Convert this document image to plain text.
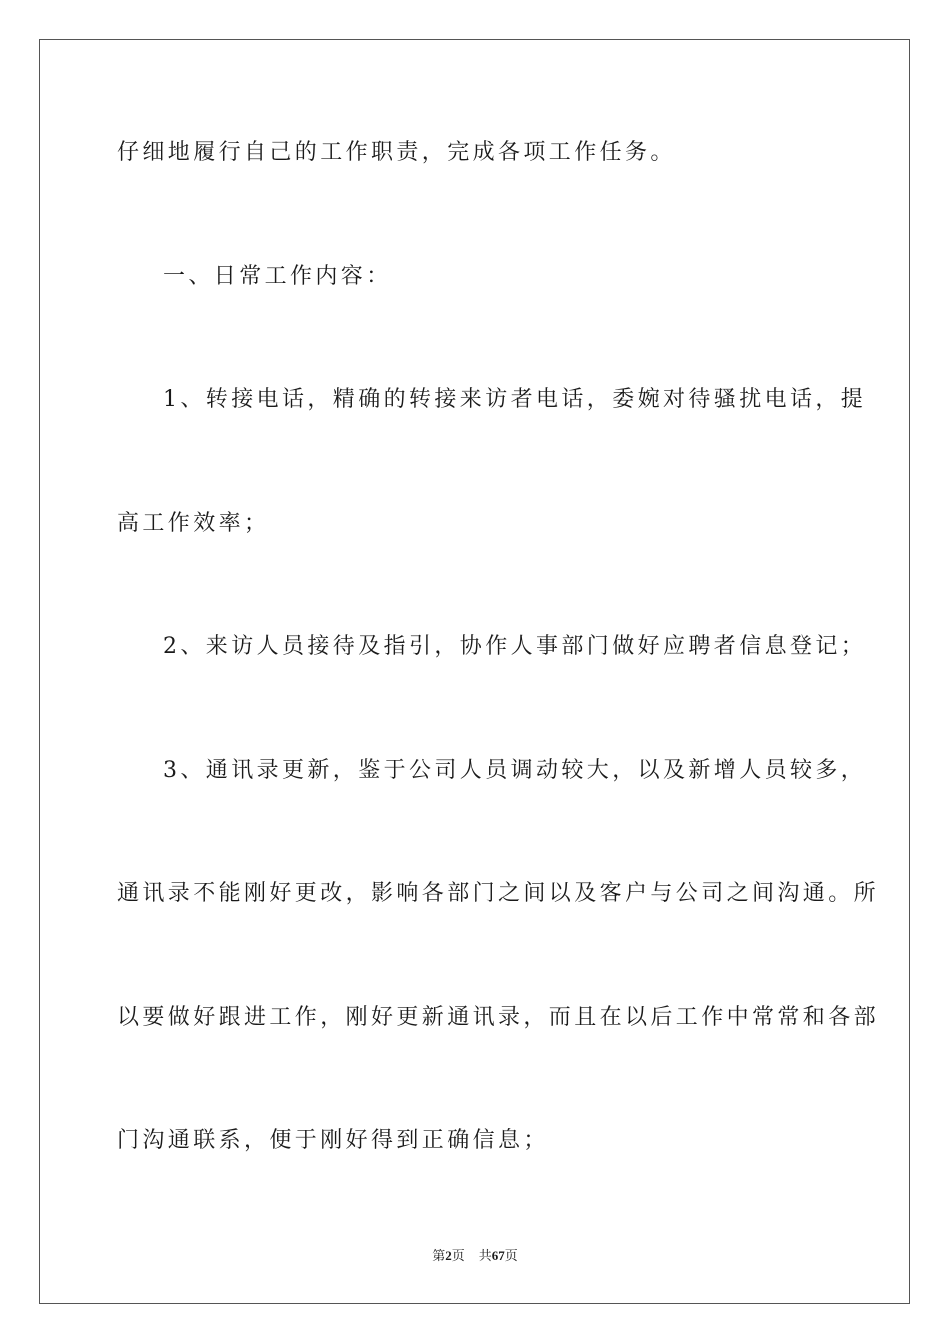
仔细地履行自己的工作职责，完成各项工作任务。
一、日常工作内容：
1、转接电话，精确的转接来访者电话，委婉对待骚扰电话，提
高工作效率；
2、来访人员接待及指引，协作人事部门做好应聘者信息登记；
3、通讯录更新，鉴于公司人员调动较大，以及新增人员较多，
通讯录不能刚好更改，影响各部门之间以及客户与公司之间沟通。所
以要做好跟进工作，刚好更新通讯录，而且在以后工作中常常和各部
门沟通联系，便于刚好得到正确信息；
第2页 共67页
